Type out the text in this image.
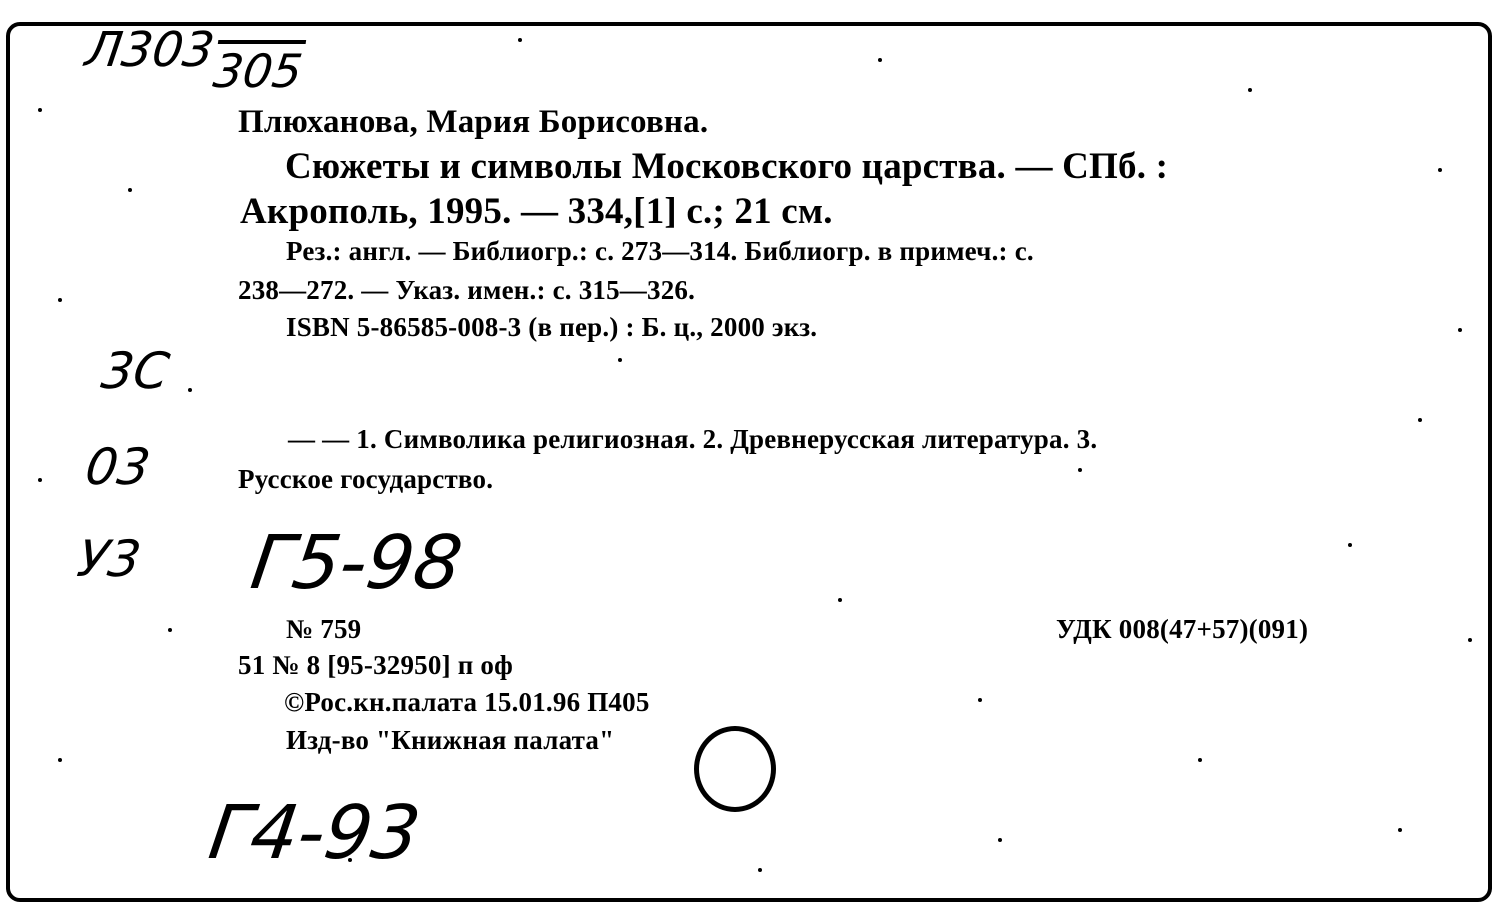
Л303
305
3С
03
У3 Г5-98
Г4-93
Плюханова, Мария Борисовна.
Сюжеты и символы Московского царства. — СПб. :
Акрополь, 1995. — 334,[1] с.; 21 см.
Рез.: англ. — Библиогр.: с. 273—314. Библиогр. в примеч.: с.
238—272. — Указ. имен.: с. 315—326.
ISBN 5-86585-008-3 (в пер.) : Б. ц., 2000 экз.
— — 1. Символика религиозная. 2. Древнерусская литература. 3.
Русское государство.
№ 759	УДК 008(47+57)(091)
51 № 8 [95-32950] п оф
©Рос.кн.палата 15.01.96 П405
Изд-во "Книжная палата"
